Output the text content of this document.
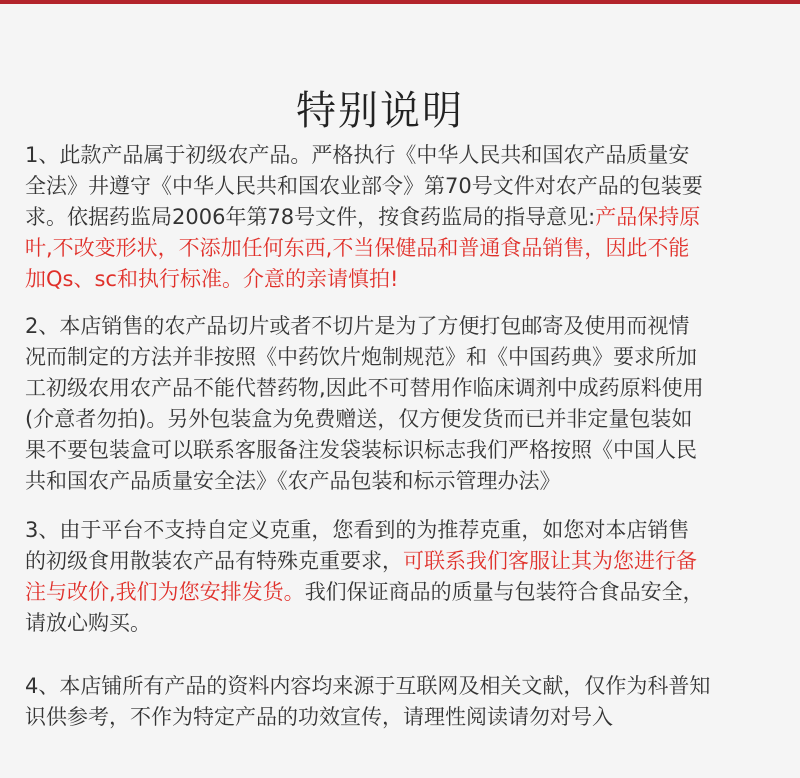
特别说明
1、此款产品属于初级农产品。严格执行《中华人民共和国农产品质量安
全法》井遵守《中华人民共和国农业部令》第70号文件对农产品的包装要
求。依据药监局2006年第78号文件，按食药监局的指导意见:产品保持原
叶,不改变形状，不添加任何东西,不当保健品和普通食品销售，因此不能
加Qs、sc和执行标准。介意的亲请慎拍!
2、本店销售的农产品切片或者不切片是为了方便打包邮寄及使用而视情
况而制定的方法并非按照《中药饮片炮制规范》和《中国药典》要求所加
工初级农用农产品不能代替药物,因此不可替用作临床调剂中成药原料使用
(介意者勿拍)。另外包装盒为免费赠送，仅方便发货而已并非定量包装如
果不要包装盒可以联系客服备注发袋装标识标志我们严格按照《中国人民
共和国农产品质量安全法》《农产品包装和标示管理办法》
3、由于平台不支持自定义克重，您看到的为推荐克重，如您对本店销售
的初级食用散装农产品有特殊克重要求，可联系我们客服让其为您进行备
注与改价,我们为您安排发货。我们保证商品的质量与包装符合食品安全，
请放心购买。
4、本店铺所有产品的资料内容均来源于互联网及相关文献，仅作为科普知
识供参考，不作为特定产品的功效宣传，请理性阅读请勿对号入
